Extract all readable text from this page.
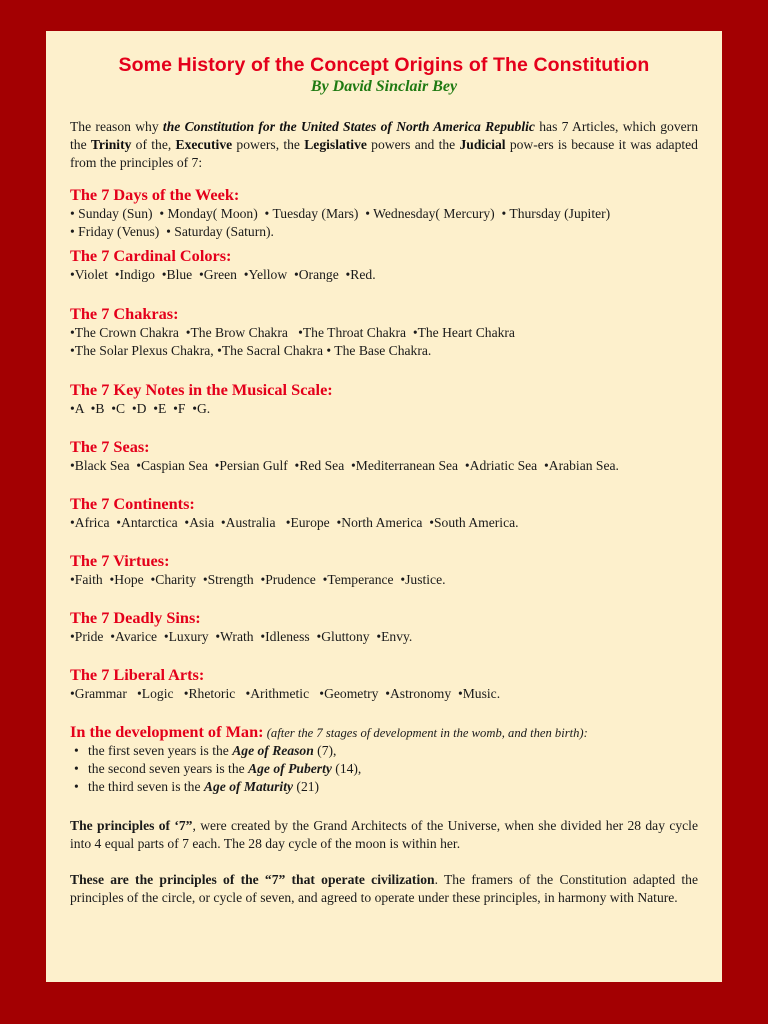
Some History of the Concept Origins of The Constitution
By David Sinclair Bey

The reason why the Constitution for the United States of North America Republic has 7 Articles, which govern the Trinity of the, Executive powers, the Legislative powers and the Judicial pow-ers is because it was adapted from the principles of 7:

The 7 Days of the Week:
• Sunday (Sun)  • Monday( Moon)  • Tuesday (Mars)  • Wednesday( Mercury)  • Thursday (Jupiter)
• Friday (Venus)  • Saturday (Saturn).
The 7 Cardinal Colors:
•Violet  •Indigo  •Blue  •Green  •Yellow  •Orange  •Red.
The 7 Chakras:
•The Crown Chakra  •The Brow Chakra   •The Throat Chakra  •The Heart Chakra
•The Solar Plexus Chakra, •The Sacral Chakra • The Base Chakra.
The 7 Key Notes in the Musical Scale:
•A  •B  •C  •D  •E  •F  •G.
The 7 Seas:
•Black Sea  •Caspian Sea  •Persian Gulf  •Red Sea  •Mediterranean Sea  •Adriatic Sea  •Arabian Sea.
The 7 Continents:
•Africa  •Antarctica  •Asia  •Australia   •Europe  •North America  •South America.
The 7 Virtues:
•Faith  •Hope  •Charity  •Strength  •Prudence  •Temperance  •Justice.
The 7 Deadly Sins:
•Pride  •Avarice  •Luxury  •Wrath  •Idleness  •Gluttony  •Envy.
The 7 Liberal Arts:
•Grammar   •Logic   •Rhetoric   •Arithmetic   •Geometry  •Astronomy  •Music.
In the development of Man: (after the 7 stages of development in the womb, and then birth):
• the first seven years is the Age of Reason (7),
• the second seven years is the Age of Puberty (14),
• the third seven is the Age of Maturity (21)

The principles of ‘7”, were created by the Grand Architects of the Universe, when she divided her 28 day cycle into 4 equal parts of 7 each. The 28 day cycle of the moon is within her.

These are the principles of the “7” that operate civilization. The framers of the Constitution adapted the principles of the circle, or cycle of seven, and agreed to operate under these principles, in harmony with Nature.
